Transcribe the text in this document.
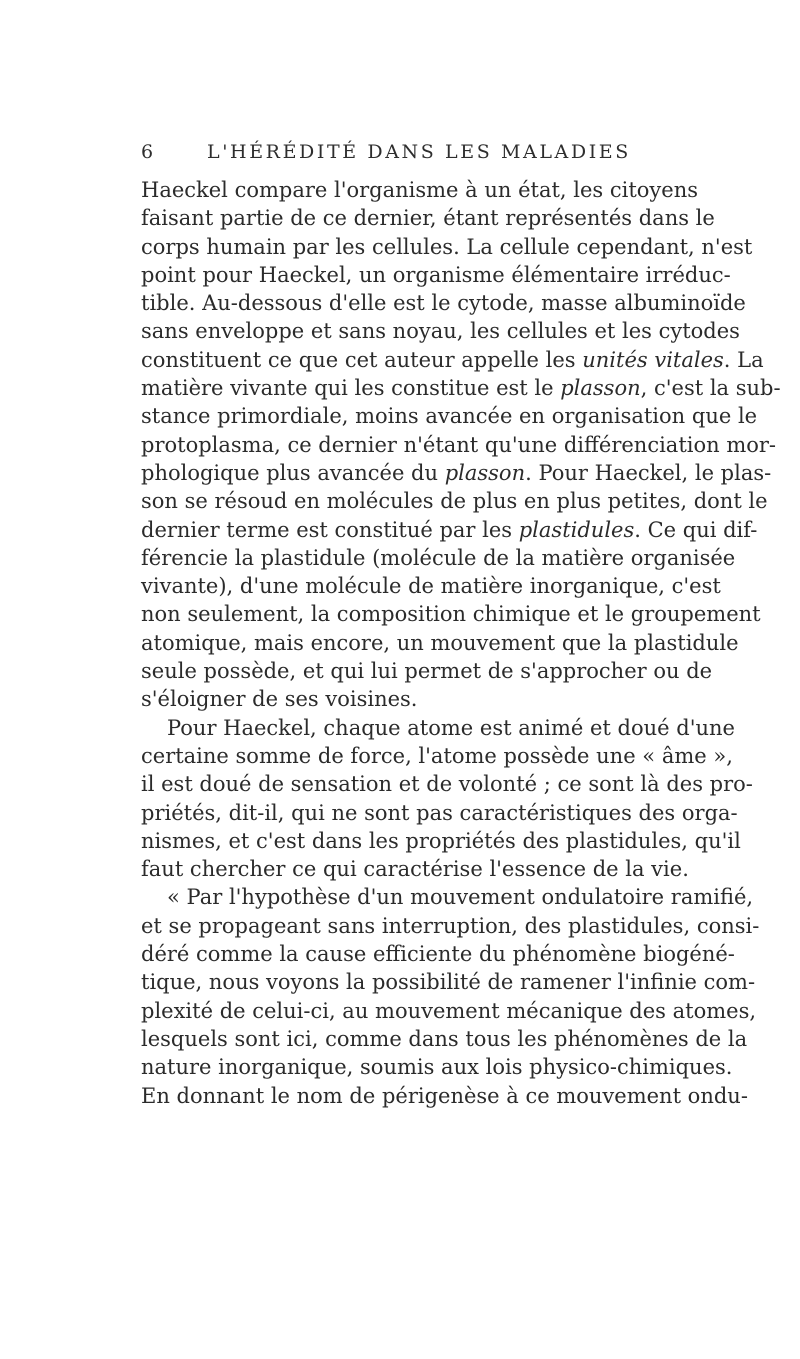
6	L'HÉRÉDITÉ DANS LES MALADIES
Haeckel compare l'organisme à un état, les citoyens
faisant partie de ce dernier, étant représentés dans le
corps humain par les cellules. La cellule cependant, n'est
point pour Haeckel, un organisme élémentaire irréduc-
tible. Au-dessous d'elle est le cytode, masse albuminoïde
sans enveloppe et sans noyau, les cellules et les cytodes
constituent ce que cet auteur appelle les unités vitales. La
matière vivante qui les constitue est le plasson, c'est la sub-
stance primordiale, moins avancée en organisation que le
protoplasma, ce dernier n'étant qu'une différenciation mor-
phologique plus avancée du plasson. Pour Haeckel, le plas-
son se résoud en molécules de plus en plus petites, dont le
dernier terme est constitué par les plastidules. Ce qui dif-
férencie la plastidule (molécule de la matière organisée
vivante), d'une molécule de matière inorganique, c'est
non seulement, la composition chimique et le groupement
atomique, mais encore, un mouvement que la plastidule
seule possède, et qui lui permet de s'approcher ou de
s'éloigner de ses voisines.
Pour Haeckel, chaque atome est animé et doué d'une
certaine somme de force, l'atome possède une « âme »,
il est doué de sensation et de volonté ; ce sont là des pro-
priétés, dit-il, qui ne sont pas caractéristiques des orga-
nismes, et c'est dans les propriétés des plastidules, qu'il
faut chercher ce qui caractérise l'essence de la vie.
« Par l'hypothèse d'un mouvement ondulatoire ramifié,
et se propageant sans interruption, des plastidules, consi-
déré comme la cause efficiente du phénomène biogéné-
tique, nous voyons la possibilité de ramener l'infinie com-
plexité de celui-ci, au mouvement mécanique des atomes,
lesquels sont ici, comme dans tous les phénomènes de la
nature inorganique, soumis aux lois physico-chimiques.
En donnant le nom de périgenèse à ce mouvement ondu-
